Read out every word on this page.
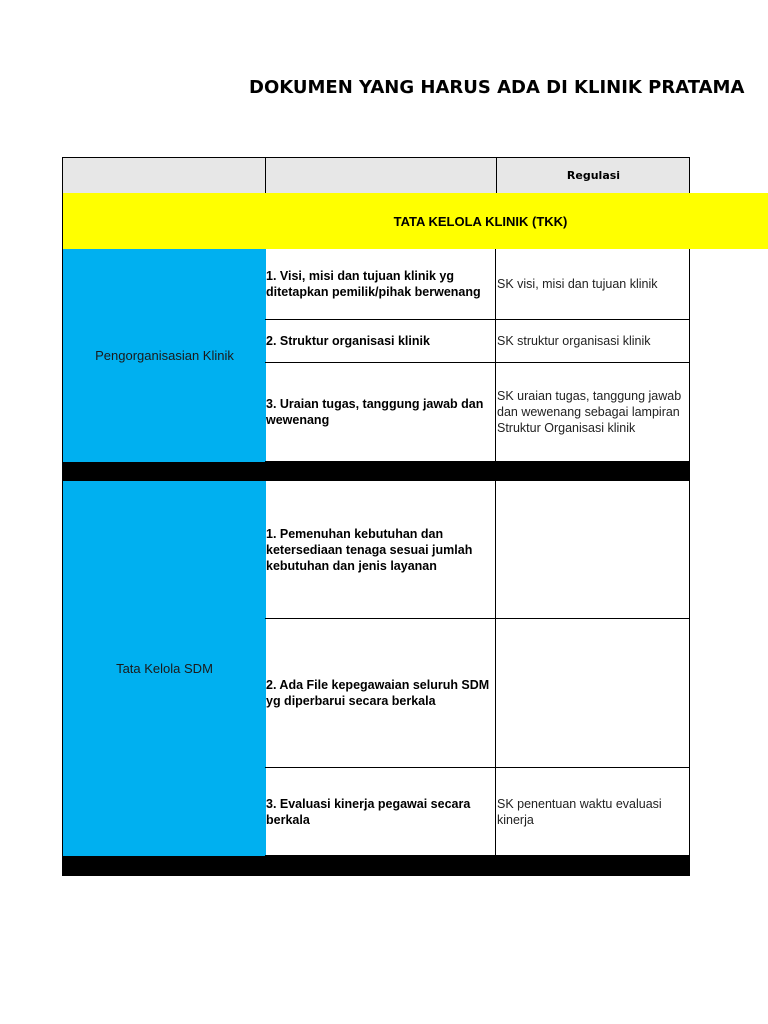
DOKUMEN YANG HARUS ADA DI KLINIK PRATAMA
Regulasi
TATA KELOLA KLINIK (TKK)
Pengorganisasian Klinik
1. Visi, misi dan tujuan klinik yg ditetapkan pemilik/pihak berwenang
SK visi, misi dan tujuan klinik
2. Struktur organisasi klinik	SK struktur organisasi klinik
3. Uraian tugas, tanggung jawab dan wewenang
SK uraian tugas, tanggung jawab dan wewenang sebagai lampiran Struktur Organisasi klinik
Tata Kelola SDM
1. Pemenuhan kebutuhan dan ketersediaan tenaga sesuai jumlah kebutuhan dan jenis layanan
2. Ada File kepegawaian seluruh SDM yg diperbarui secara berkala
3. Evaluasi kinerja pegawai secara berkala
SK penentuan waktu evaluasi kinerja
